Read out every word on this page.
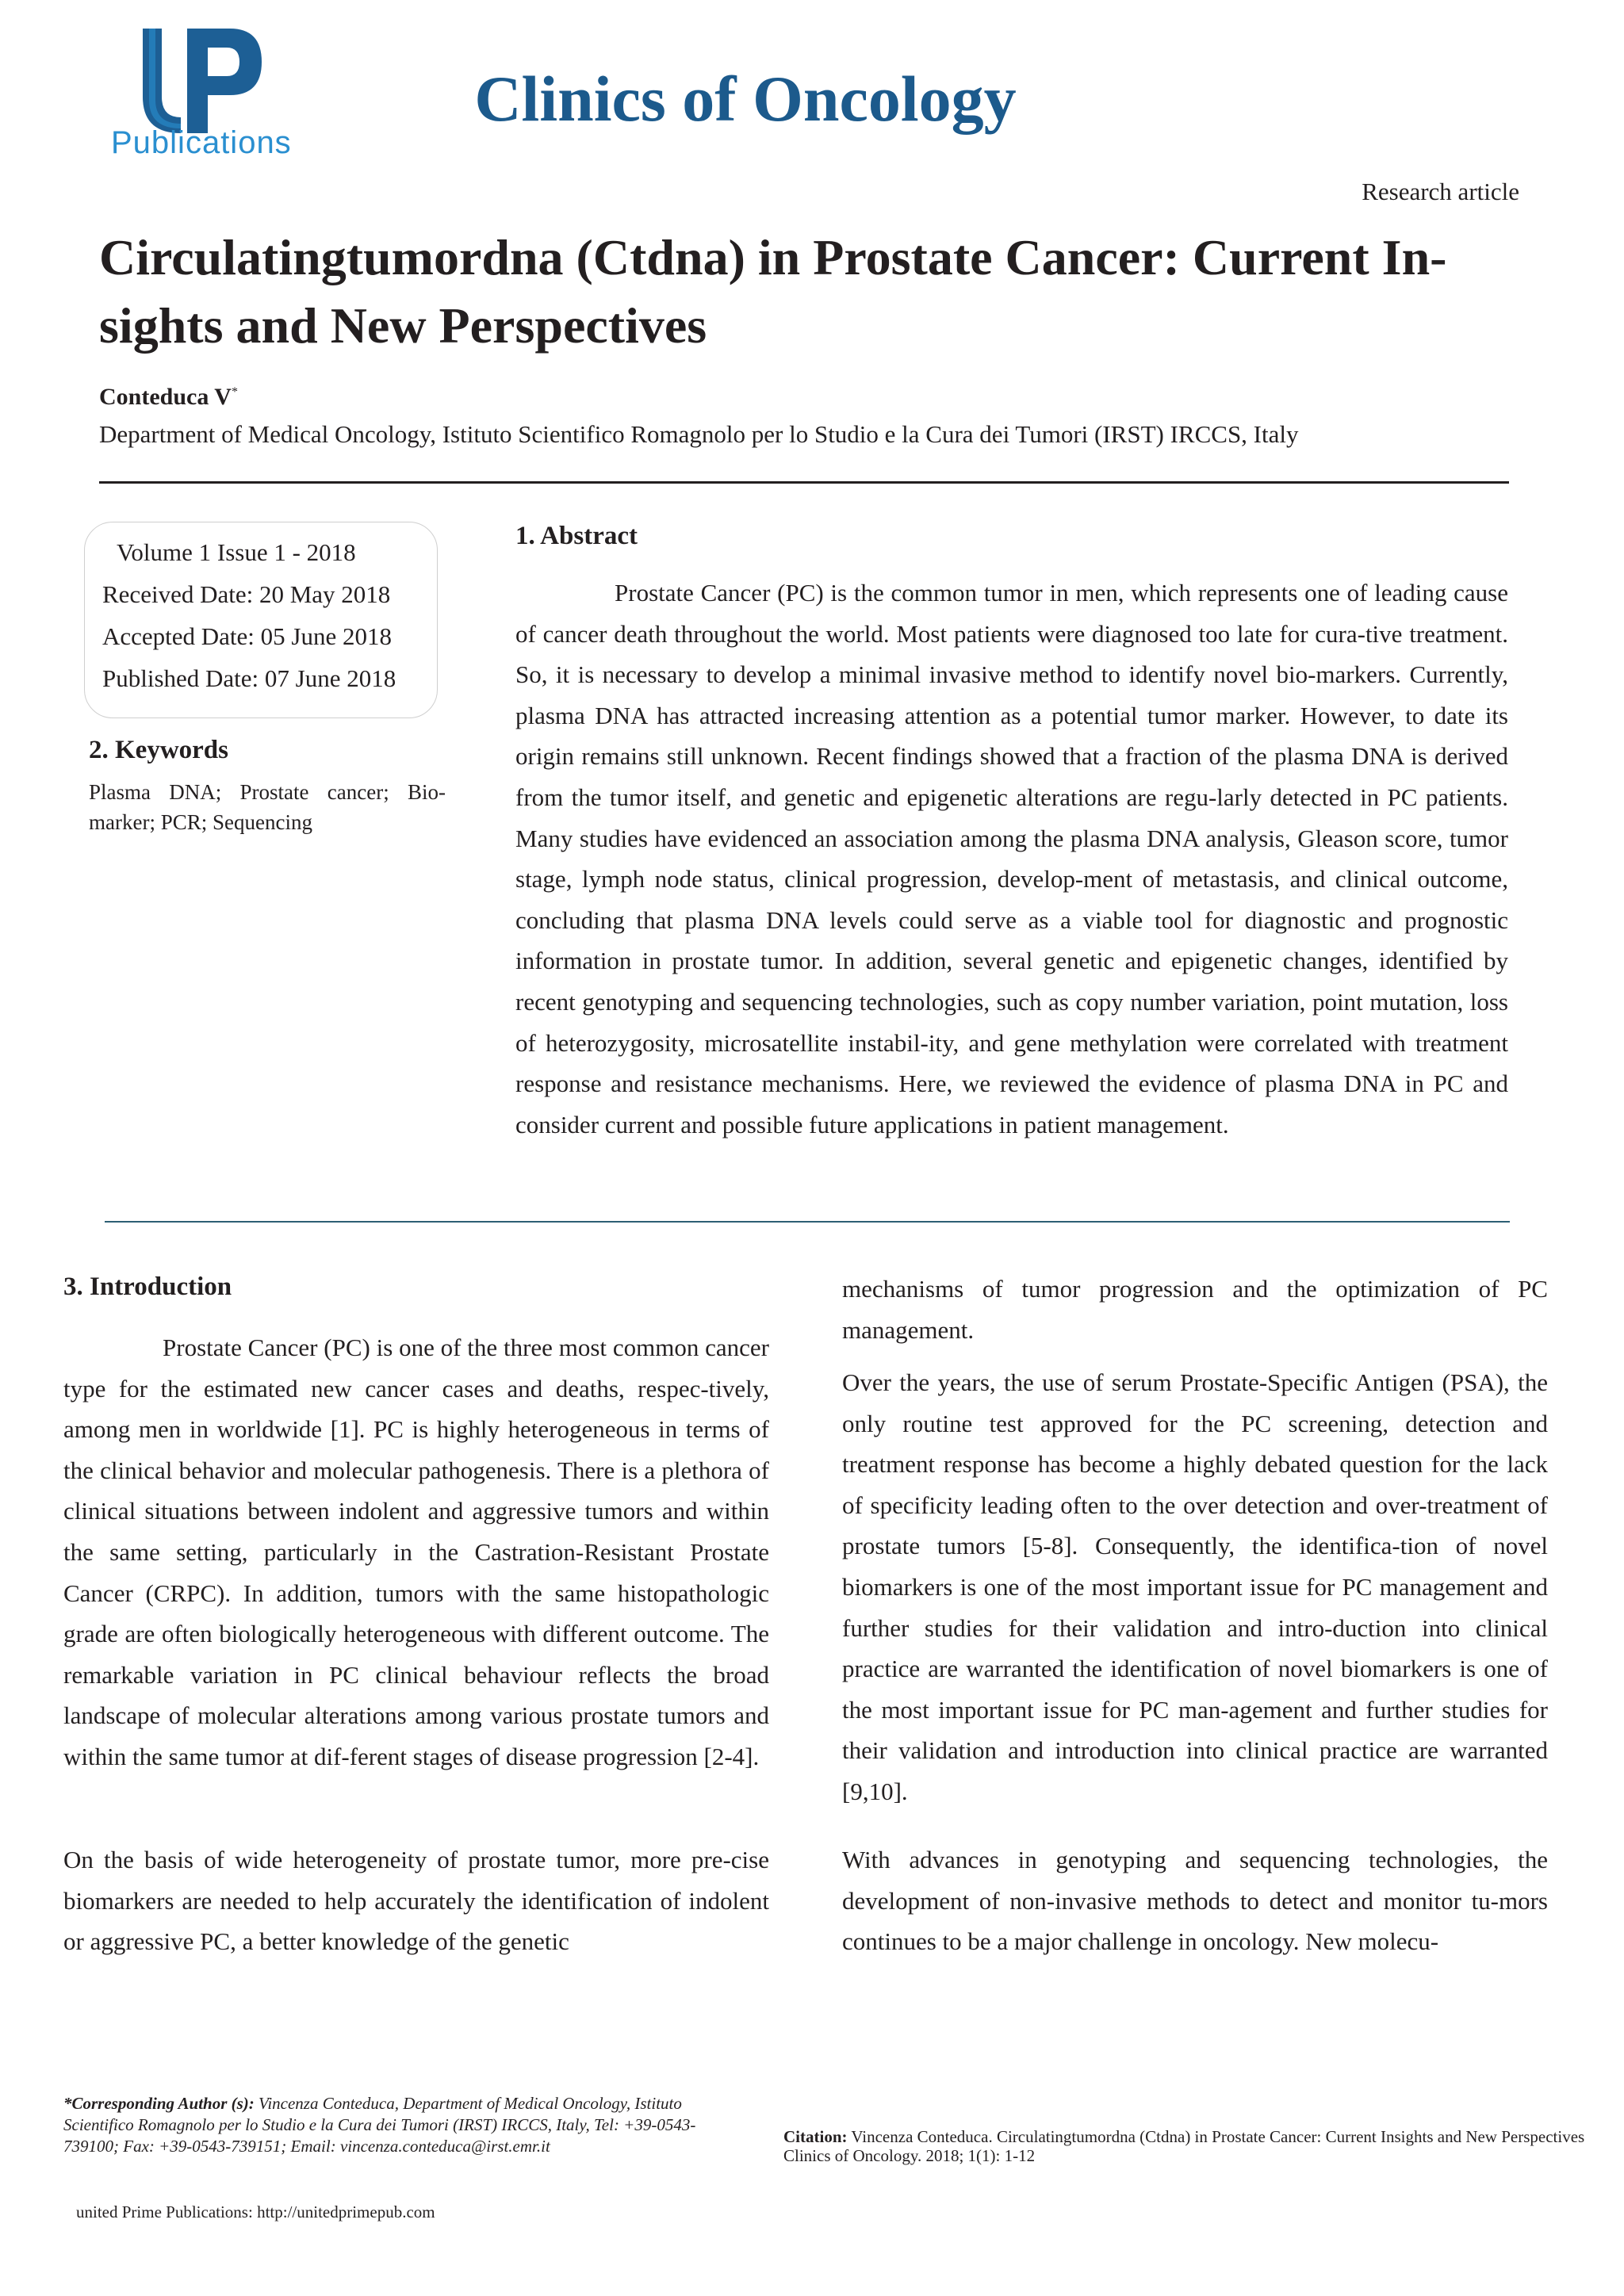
Publications
Clinics of Oncology
Research article
Circulatingtumordna (Ctdna) in Prostate Cancer: Current In-sights and New Perspectives
Conteduca V*
Department of Medical Oncology, Istituto Scientifico Romagnolo per lo Studio e la Cura dei Tumori (IRST) IRCCS, Italy
Volume 1 Issue 1 - 2018
Received Date: 20 May 2018
Accepted Date: 05 June 2018
Published Date: 07 June 2018
2. Keywords
Plasma DNA; Prostate cancer; Bio-marker; PCR; Sequencing
1. Abstract
Prostate Cancer (PC) is the common tumor in men, which represents one of leading cause of cancer death throughout the world. Most patients were diagnosed too late for cura-tive treatment. So, it is necessary to develop a minimal invasive method to identify novel bio-markers. Currently, plasma DNA has attracted increasing attention as a potential tumor marker. However, to date its origin remains still unknown. Recent findings showed that a fraction of the plasma DNA is derived from the tumor itself, and genetic and epigenetic alterations are regu-larly detected in PC patients. Many studies have evidenced an association among the plasma DNA analysis, Gleason score, tumor stage, lymph node status, clinical progression, develop-ment of metastasis, and clinical outcome, concluding that plasma DNA levels could serve as a viable tool for diagnostic and prognostic information in prostate tumor. In addition, several genetic and epigenetic changes, identified by recent genotyping and sequencing technologies, such as copy number variation, point mutation, loss of heterozygosity, microsatellite instabil-ity, and gene methylation were correlated with treatment response and resistance mechanisms. Here, we reviewed the evidence of plasma DNA in PC and consider current and possible future applications in patient management.
3. Introduction

Prostate Cancer (PC) is one of the three most common cancer type for the estimated new cancer cases and deaths, respec-tively, among men in worldwide [1]. PC is highly heterogeneous in terms of the clinical behavior and molecular pathogenesis. There is a plethora of clinical situations between indolent and aggressive tumors and within the same setting, particularly in the Castration-Resistant Prostate Cancer (CRPC). In addition, tumors with the same histopathologic grade are often biologically heterogeneous with different outcome. The remarkable variation in PC clinical behaviour reflects the broad landscape of molecular alterations among various prostate tumors and within the same tumor at dif-ferent stages of disease progression [2-4].

On the basis of wide heterogeneity of prostate tumor, more pre-cise biomarkers are needed to help accurately the identification of indolent or aggressive PC, a better knowledge of the genetic

mechanisms of tumor progression and the optimization of PC management.

Over the years, the use of serum Prostate-Specific Antigen (PSA), the only routine test approved for the PC screening, detection and treatment response has become a highly debated question for the lack of specificity leading often to the over detection and over-treatment of prostate tumors [5-8]. Consequently, the identifica-tion of novel biomarkers is one of the most important issue for PC management and further studies for their validation and intro-duction into clinical practice are warranted the identification of novel biomarkers is one of the most important issue for PC man-agement and further studies for their validation and introduction into clinical practice are warranted [9,10].

With advances in genotyping and sequencing technologies, the development of non-invasive methods to detect and monitor tu-mors continues to be a major challenge in oncology. New molecu-

*Corresponding Author (s): Vincenza Conteduca, Department of Medical Oncology, Istituto Scientifico Romagnolo per lo Studio e la Cura dei Tumori (IRST) IRCCS, Italy, Tel: +39-0543-739100; Fax: +39-0543-739151; Email: vincenza.conteduca@irst.emr.it	Citation: Vincenza Conteduca. Circulatingtumordna (Ctdna) in Prostate Cancer: Current Insights and New Perspectives Clinics of Oncology. 2018; 1(1): 1-12
united Prime Publications: http://unitedprimepub.com
